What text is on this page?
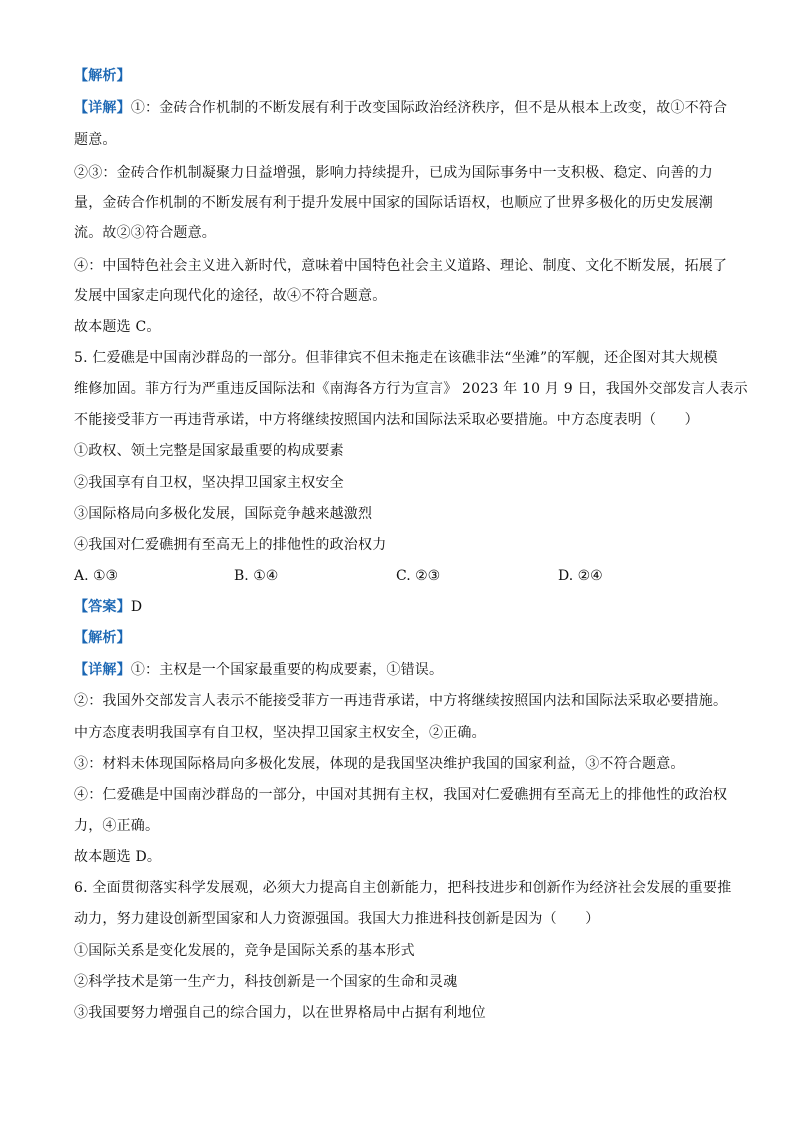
【解析】
【详解】①：金砖合作机制的不断发展有利于改变国际政治经济秩序，但不是从根本上改变，故①不符合
题意。
②③：金砖合作机制凝聚力日益增强，影响力持续提升，已成为国际事务中一支积极、稳定、向善的力
量，金砖合作机制的不断发展有利于提升发展中国家的国际话语权，也顺应了世界多极化的历史发展潮
流。故②③符合题意。
④：中国特色社会主义进入新时代，意味着中国特色社会主义道路、理论、制度、文化不断发展，拓展了
发展中国家走向现代化的途径，故④不符合题意。
故本题选 C。
5. 仁爱礁是中国南沙群岛的一部分。但菲律宾不但未拖走在该礁非法“坐滩”的军舰，还企图对其大规模
维修加固。菲方行为严重违反国际法和《南海各方行为宣言》 2023 年 10 月 9 日，我国外交部发言人表示
不能接受菲方一再违背承诺，中方将继续按照国内法和国际法采取必要措施。中方态度表明（　　）
①政权、领土完整是国家最重要的构成要素
②我国享有自卫权，坚决捍卫国家主权安全
③国际格局向多极化发展，国际竞争越来越激烈
④我国对仁爱礁拥有至高无上的排他性的政治权力
A. ①③	B. ①④	C. ②③	D. ②④
【答案】D
【解析】
【详解】①：主权是一个国家最重要的构成要素，①错误。
②：我国外交部发言人表示不能接受菲方一再违背承诺，中方将继续按照国内法和国际法采取必要措施。
中方态度表明我国享有自卫权，坚决捍卫国家主权安全，②正确。
③：材料未体现国际格局向多极化发展，体现的是我国坚决维护我国的国家利益，③不符合题意。
④：仁爱礁是中国南沙群岛的一部分，中国对其拥有主权，我国对仁爱礁拥有至高无上的排他性的政治权
力，④正确。
故本题选 D。
6. 全面贯彻落实科学发展观，必须大力提高自主创新能力，把科技进步和创新作为经济社会发展的重要推
动力，努力建设创新型国家和人力资源强国。我国大力推进科技创新是因为（　　）
①国际关系是变化发展的，竞争是国际关系的基本形式
②科学技术是第一生产力，科技创新是一个国家的生命和灵魂
③我国要努力增强自己的综合国力，以在世界格局中占据有利地位
